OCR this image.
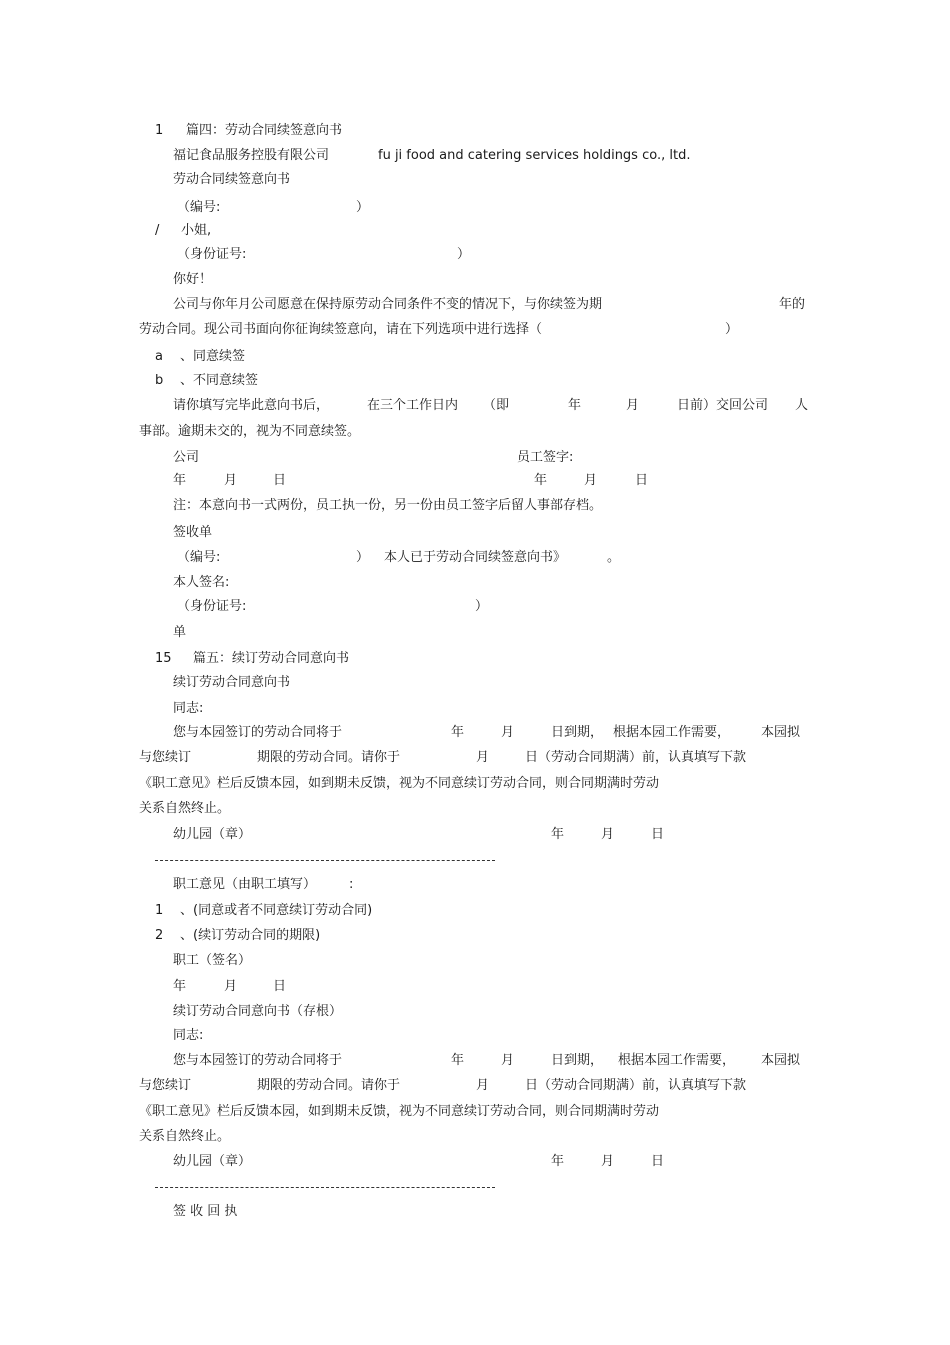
1 篇四：劳动合同续签意向书
福记食品服务控股有限公司	fu ji food and catering services holdings co., ltd.
劳动合同续签意向书
（编号:	）
/ 小姐,
（身份证号:	）
你好！
公司与你年月公司愿意在保持原劳动合同条件不变的情况下，与你续签为期	年的
劳动合同。现公司书面向你征询续签意向，请在下列选项中进行选择（	）
a 、同意续签
b 、不同意续签
请你填写完毕此意向书后，	在三个工作日内 （即	年	月	日前）交回公司 人
事部。逾期未交的，视为不同意续签。
公司	员工签字:
年	月	日	年	月	日
注：本意向书一式两份，员工执一份，另一份由员工签字后留人事部存档。
签收单
（编号:	） 本人已于劳动合同续签意向书》	。
本人签名:
（身份证号:	）
单
15 篇五：续订劳动合同意向书
续订劳动合同意向书
同志:
您与本园签订的劳动合同将于	年	月	日到期， 根据本园工作需要， 本园拟
与您续订	期限的劳动合同。请你于	月	日（劳动合同期满）前，认真填写下款
《职工意见》栏后反馈本园，如到期未反馈，视为不同意续订劳动合同，则合同期满时劳动
关系自然终止。
幼儿园（章）	年	月	日
职工意见（由职工填写）	:
1 、(同意或者不同意续订劳动合同)
2 、(续订劳动合同的期限)
职工（签名）
年	月	日
续订劳动合同意向书（存根）
同志:
您与本园签订的劳动合同将于	年	月	日到期， 根据本园工作需要， 本园拟
与您续订	期限的劳动合同。请你于	月	日（劳动合同期满）前，认真填写下款
《职工意见》栏后反馈本园，如到期未反馈，视为不同意续订劳动合同，则合同期满时劳动
关系自然终止。
幼儿园（章）	年	月	日
签 收 回 执
